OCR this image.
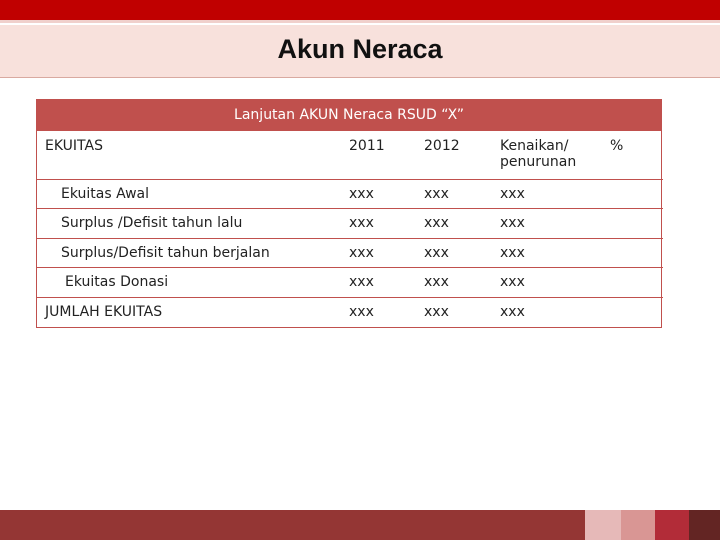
Akun Neraca
Lanjutan AKUN Neraca RSUD “X”
EKUITAS	2011	2012	Kenaikan/ penurunan	%
Ekuitas Awal	xxx	xxx	xxx	
Surplus /Defisit tahun lalu	xxx	xxx	xxx	
Surplus/Defisit tahun berjalan	xxx	xxx	xxx	
Ekuitas Donasi	xxx	xxx	xxx	
JUMLAH EKUITAS	xxx	xxx	xxx	
